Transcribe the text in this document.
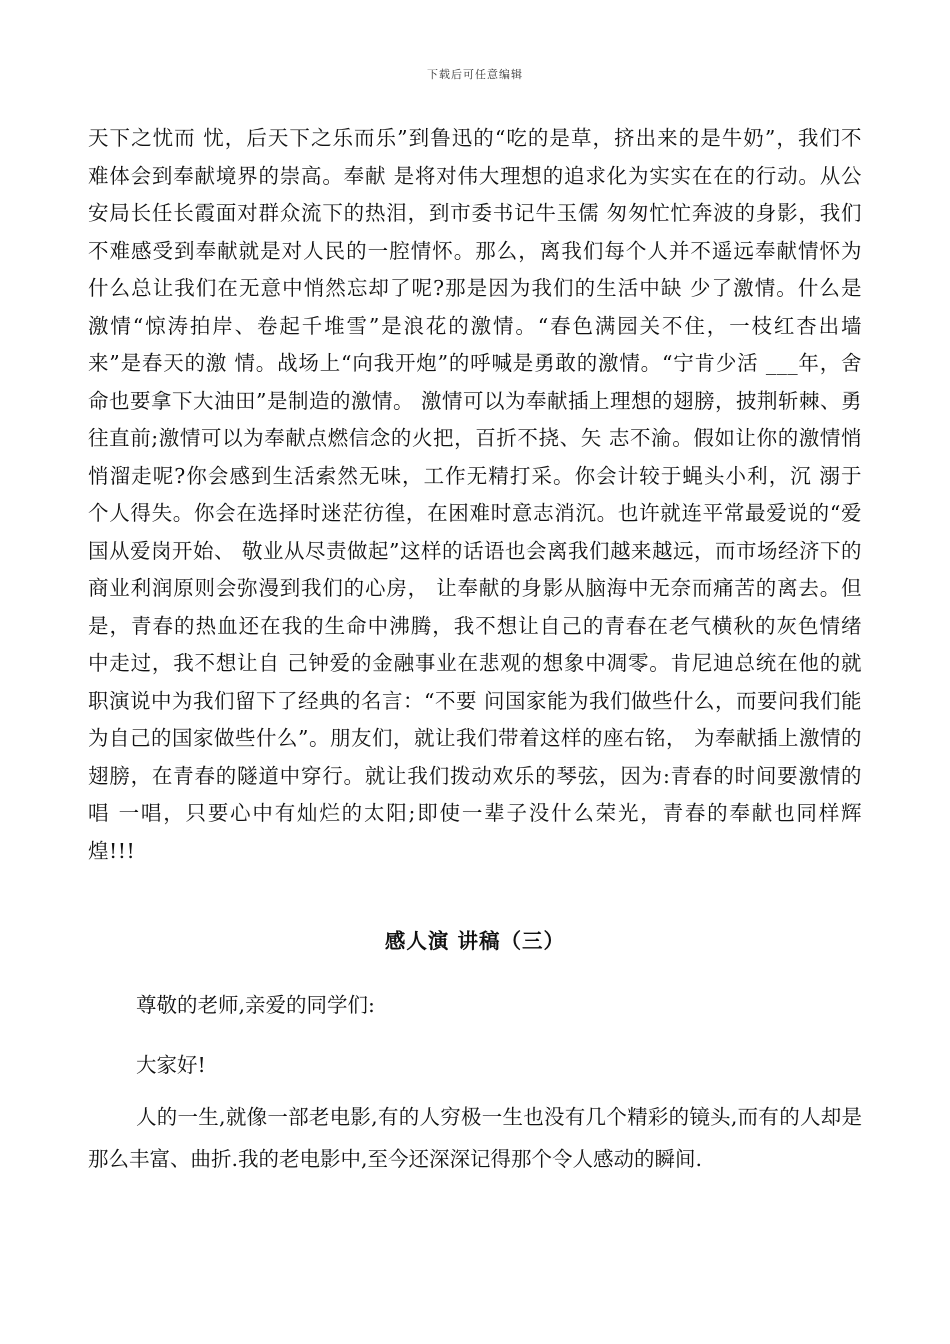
下载后可任意编辑

天下之忧而 忧，后天下之乐而乐”到鲁迅的“吃的是草，挤出来的是牛奶”，我们不难体会到奉献境界的崇高。奉献 是将对伟大理想的追求化为实实在在的行动。从公安局长任长霞面对群众流下的热泪，到市委书记牛玉儒 匆匆忙忙奔波的身影，我们不难感受到奉献就是对人民的一腔情怀。那么，离我们每个人并不遥远奉献情怀为什么总让我们在无意中悄然忘却了呢?那是因为我们的生活中缺 少了激情。什么是激情“惊涛拍岸、卷起千堆雪”是浪花的激情。“春色满园关不住，一枝红杏出墙来”是春天的激 情。战场上“向我开炮”的呼喊是勇敢的激情。“宁肯少活 ___年，舍命也要拿下大油田”是制造的激情。 激情可以为奉献插上理想的翅膀，披荆斩棘、勇往直前;激情可以为奉献点燃信念的火把，百折不挠、矢 志不渝。假如让你的激情悄悄溜走呢?你会感到生活索然无味，工作无精打采。你会计较于蝇头小利，沉 溺于个人得失。你会在选择时迷茫彷徨，在困难时意志消沉。也许就连平常最爱说的“爱国从爱岗开始、 敬业从尽责做起”这样的话语也会离我们越来越远，而市场经济下的商业利润原则会弥漫到我们的心房， 让奉献的身影从脑海中无奈而痛苦的离去。但是，青春的热血还在我的生命中沸腾，我不想让自己的青春在老气横秋的灰色情绪中走过，我不想让自 己钟爱的金融事业在悲观的想象中凋零。肯尼迪总统在他的就职演说中为我们留下了经典的名言：“不要 问国家能为我们做些什么，而要问我们能为自己的国家做些什么”。朋友们，就让我们带着这样的座右铭， 为奉献插上激情的翅膀，在青春的隧道中穿行。就让我们拨动欢乐的琴弦，因为:青春的时间要激情的唱 一唱，只要心中有灿烂的太阳;即使一辈子没什么荣光，青春的奉献也同样辉煌!!!

感人演 讲稿（三）

尊敬的老师,亲爱的同学们:

大家好!

人的一生,就像一部老电影,有的人穷极一生也没有几个精彩的镜头,而有的人却是那么丰富、曲折.我的老电影中,至今还深深记得那个令人感动的瞬间.
